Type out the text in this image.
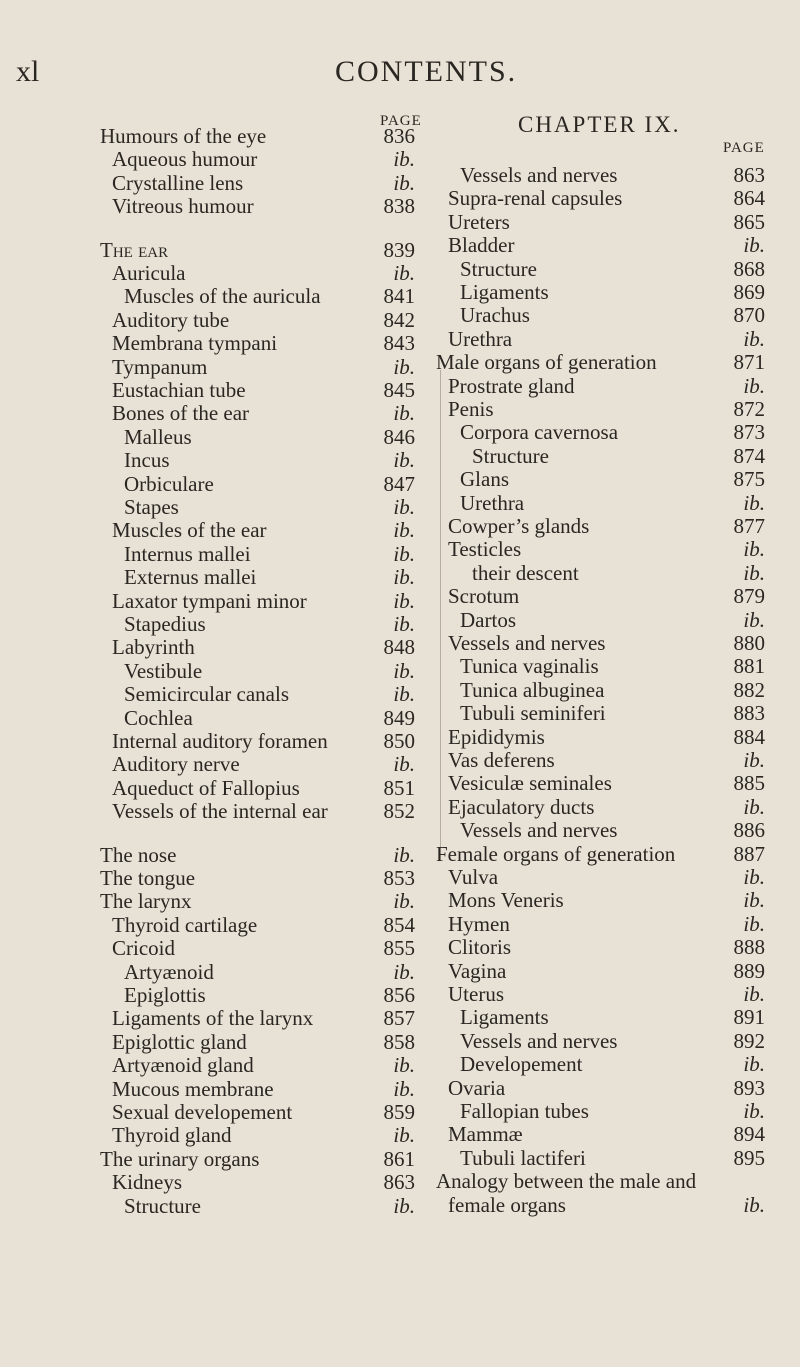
xl	CONTENTS.
PAGE	CHAPTER IX.
PAGE
Humours of the eye	836
Aqueous humour	ib.
Crystalline lens	ib.
Vitreous humour	838
The ear	839
Auricula	ib.
Muscles of the auricula	841
Auditory tube	842
Membrana tympani	843
Tympanum	ib.
Eustachian tube	845
Bones of the ear	ib.
Malleus	846
Incus	ib.
Orbiculare	847
Stapes	ib.
Muscles of the ear	ib.
Internus mallei	ib.
Externus mallei	ib.
Laxator tympani minor	ib.
Stapedius	ib.
Labyrinth	848
Vestibule	ib.
Semicircular canals	ib.
Cochlea	849
Internal auditory foramen	850
Auditory nerve	ib.
Aqueduct of Fallopius	851
Vessels of the internal ear	852
The nose	ib.
The tongue	853
The larynx	ib.
Thyroid cartilage	854
Cricoid	855
Artyænoid	ib.
Epiglottis	856
Ligaments of the larynx	857
Epiglottic gland	858
Artyænoid gland	ib.
Mucous membrane	ib.
Sexual developement	859
Thyroid gland	ib.
The urinary organs	861
Kidneys	863
Structure	ib.
Vessels and nerves	863
Supra-renal capsules	864
Ureters	865
Bladder	ib.
Structure	868
Ligaments	869
Urachus	870
Urethra	ib.
Male organs of generation	871
Prostrate gland	ib.
Penis	872
Corpora cavernosa	873
Structure	874
Glans	875
Urethra	ib.
Cowper’s glands	877
Testicles	ib.
their descent	ib.
Scrotum	879
Dartos	ib.
Vessels and nerves	880
Tunica vaginalis	881
Tunica albuginea	882
Tubuli seminiferi	883
Epididymis	884
Vas deferens	ib.
Vesiculæ seminales	885
Ejaculatory ducts	ib.
Vessels and nerves	886
Female organs of generation	887
Vulva	ib.
Mons Veneris	ib.
Hymen	ib.
Clitoris	888
Vagina	889
Uterus	ib.
Ligaments	891
Vessels and nerves	892
Developement	ib.
Ovaria	893
Fallopian tubes	ib.
Mammæ	894
Tubuli lactiferi	895
Analogy between the male and
female organs	ib.
